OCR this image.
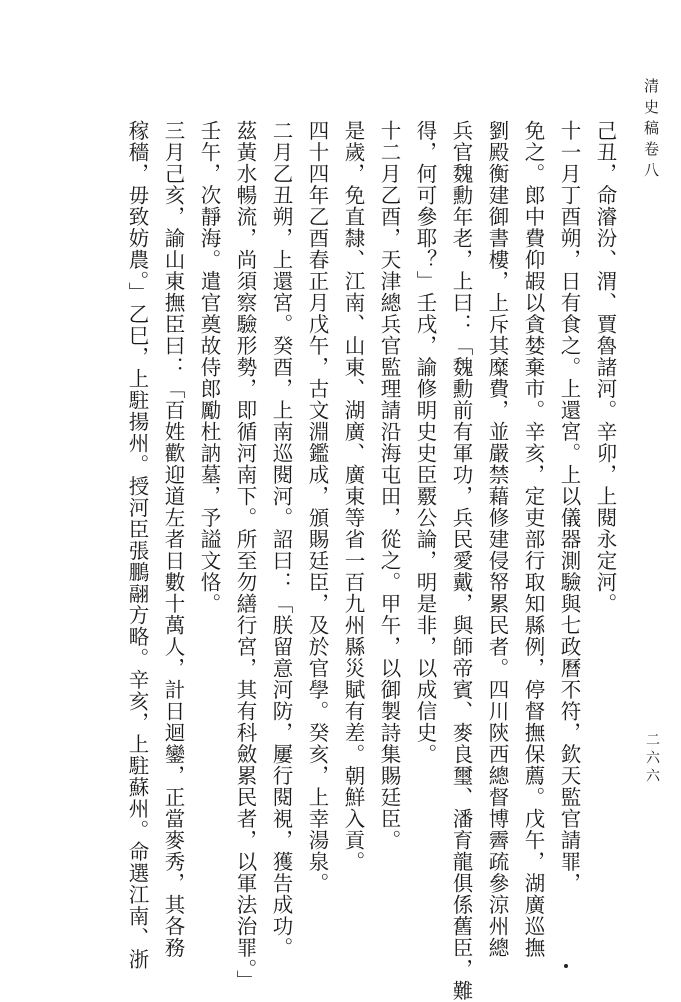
清史稿卷八
二六六
己丑，命濬汾、渭、賈魯諸河。辛卯，上閱永定河。
十一月丁酉朔，日有食之。上還宮。上以儀器測驗與七政曆不符，欽天監官請罪，
免之。郎中費仰嘏以貪婪棄市。辛亥，定吏部行取知縣例，停督撫保薦。戊午，湖廣巡撫
劉殿衡建御書樓，上斥其糜費，並嚴禁藉修建侵帑累民者。四川陝西總督博霽疏參涼州總
兵官魏勳年老，上曰：「魏勳前有軍功，兵民愛戴，與師帝賓、麥良璽、潘育龍俱係舊臣，難
得，何可參耶？」壬戌，諭修明史史臣覈公論，明是非，以成信史。
十二月乙酉，天津總兵官監理請沿海屯田，從之。甲午，以御製詩集賜廷臣。
是歲，免直隸、江南、山東、湖廣、廣東等省一百九州縣災賦有差。朝鮮入貢。
四十四年乙酉春正月戊午，古文淵鑑成，頒賜廷臣，及於官學。癸亥，上幸湯泉。
二月乙丑朔，上還宮。癸酉，上南巡閱河。詔曰：「朕留意河防，屢行閱視，獲告成功。
茲黃水暢流，尚須察驗形勢，即循河南下。所至勿繕行宮，其有科斂累民者，以軍法治罪。」
壬午，次靜海。遣官奠故侍郎勵杜訥墓，予謚文恪。
三月己亥，諭山東撫臣曰：「百姓歡迎道左者日數十萬人，計日迴鑾，正當麥秀，其各務
稼穡，毋致妨農。」乙巳，上駐揚州。授河臣張鵬翮方略。辛亥，上駐蘇州。命選江南、浙
